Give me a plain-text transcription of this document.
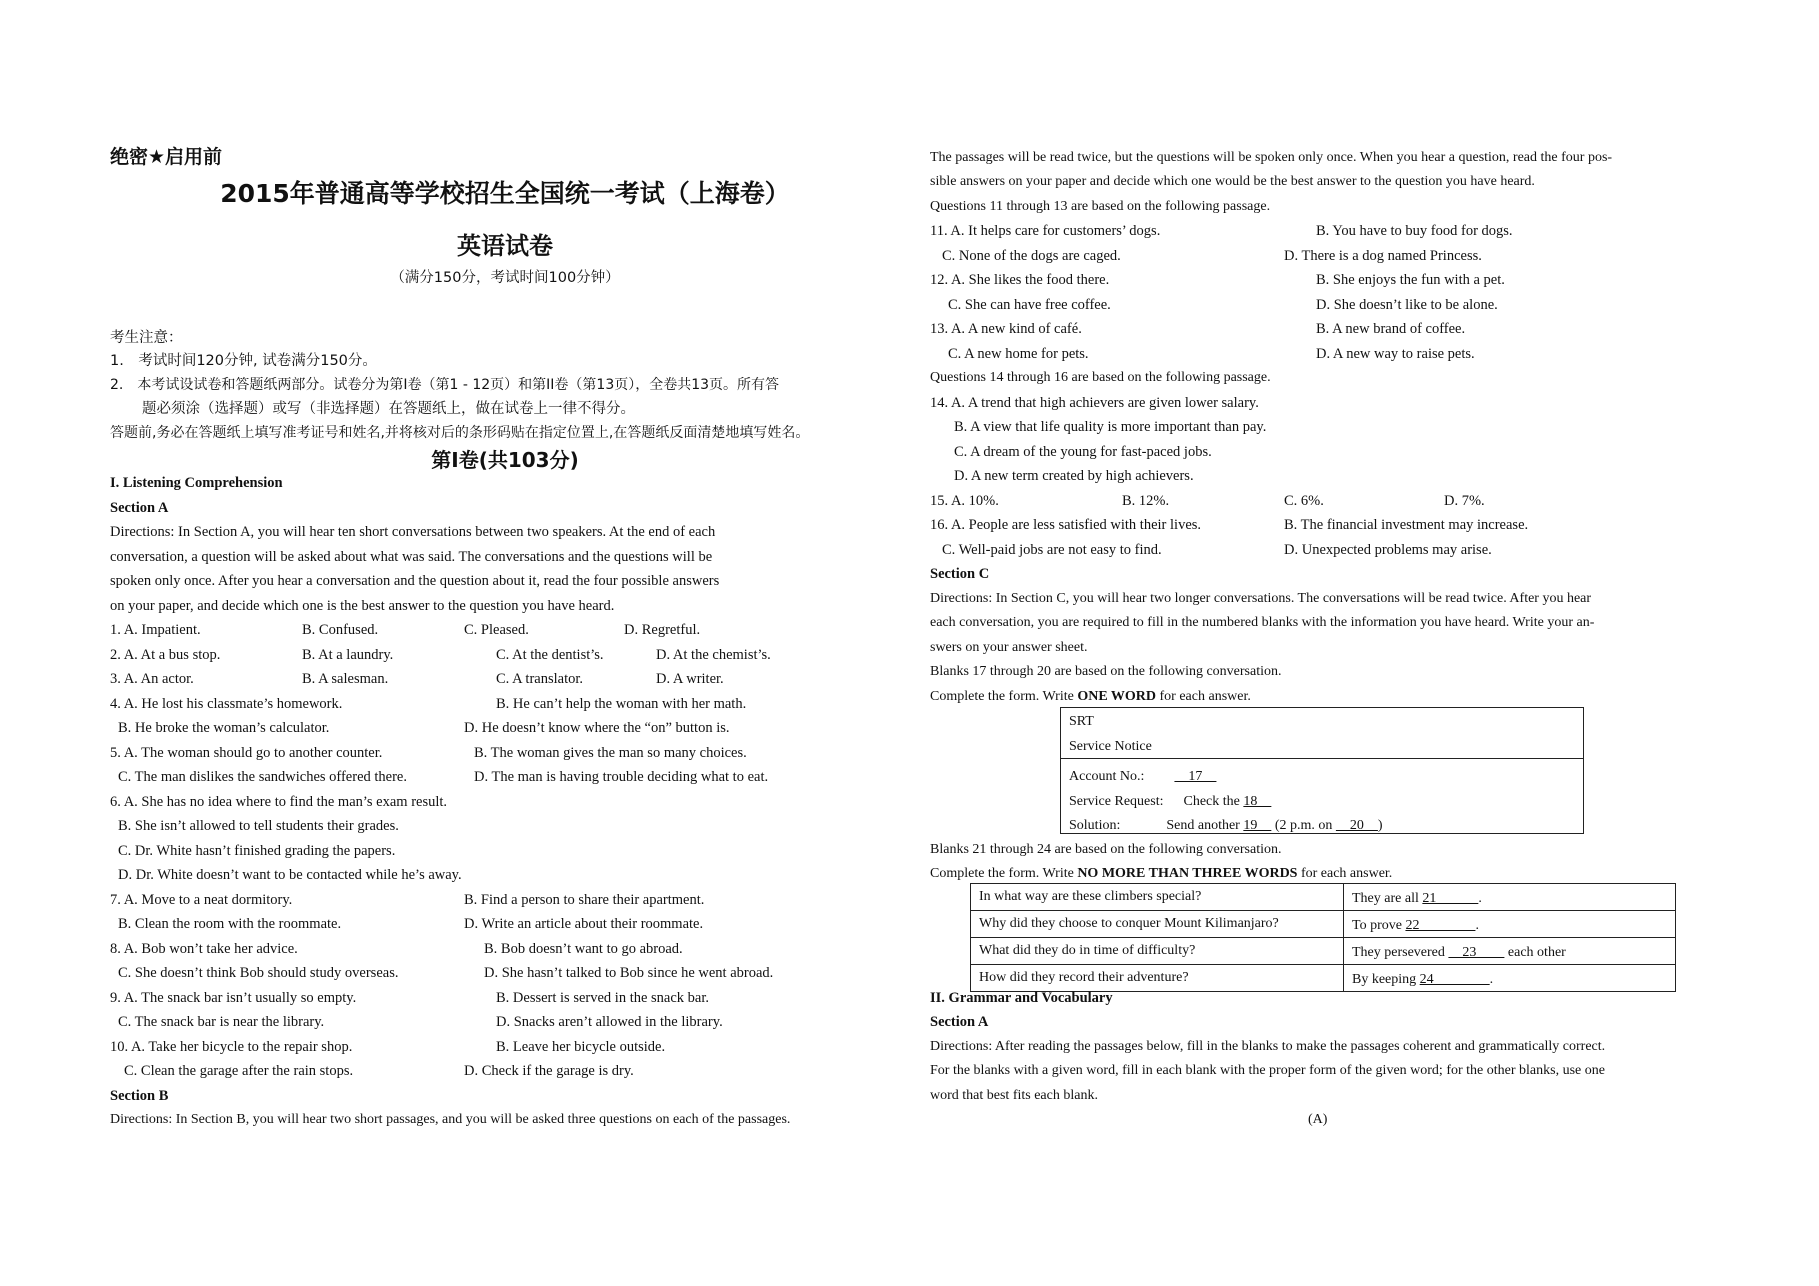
绝密★启用前
2015年普通高等学校招生全国统一考试（上海卷）
英语试卷
（满分150分，考试时间100分钟）
考生注意：
1.　考试时间120分钟, 试卷满分150分。
2.　本考试设试卷和答题纸两部分。试卷分为第I卷（第1 - 12页）和第II卷（第13页），全卷共13页。所有答
题必须涂（选择题）或写（非选择题）在答题纸上，做在试卷上一律不得分。
答题前,务必在答题纸上填写准考证号和姓名,并将核对后的条形码贴在指定位置上,在答题纸反面清楚地填写姓名。
第I卷(共103分)
I. Listening Comprehension
Section A
Directions: In Section A, you will hear ten short conversations between two speakers. At the end of each
conversation, a question will be asked about what was said. The conversations and the questions will be
spoken only once. After you hear a conversation and the question about it, read the four possible answers
on your paper, and decide which one is the best answer to the question you have heard.
1. A. Impatient.	B. Confused.	C. Pleased.	D. Regretful.
2. A. At a bus stop.	B. At a laundry.	C. At the dentist’s.	D. At the chemist’s.
3. A. An actor.	B. A salesman.	C. A translator.	D. A writer.
4. A. He lost his classmate’s homework.	B. He can’t help the woman with her math.
B. He broke the woman’s calculator.	D. He doesn’t know where the “on” button is.
5. A. The woman should go to another counter.	B. The woman gives the man so many choices.
C. The man dislikes the sandwiches offered there.	D. The man is having trouble deciding what to eat.
6. A. She has no idea where to find the man’s exam result.
B. She isn’t allowed to tell students their grades.
C. Dr. White hasn’t finished grading the papers.
D. Dr. White doesn’t want to be contacted while he’s away.
7. A. Move to a neat dormitory.	B. Find a person to share their apartment.
B. Clean the room with the roommate.	D. Write an article about their roommate.
8. A. Bob won’t take her advice.	B. Bob doesn’t want to go abroad.
C. She doesn’t think Bob should study overseas.	D. She hasn’t talked to Bob since he went abroad.
9. A. The snack bar isn’t usually so empty.	B. Dessert is served in the snack bar.
C. The snack bar is near the library.	D. Snacks aren’t allowed in the library.
10. A. Take her bicycle to the repair shop.	B. Leave her bicycle outside.
C. Clean the garage after the rain stops.	D. Check if the garage is dry.
Section B
Directions: In Section B, you will hear two short passages, and you will be asked three questions on each of the passages.
The passages will be read twice, but the questions will be spoken only once. When you hear a question, read the four pos-
sible answers on your paper and decide which one would be the best answer to the question you have heard.
Questions 11 through 13 are based on the following passage.
11. A. It helps care for customers’ dogs.	B. You have to buy food for dogs.
C. None of the dogs are caged.	D. There is a dog named Princess.
12. A. She likes the food there.	B. She enjoys the fun with a pet.
C. She can have free coffee.	D. She doesn’t like to be alone.
13. A. A new kind of café.	B. A new brand of coffee.
C. A new home for pets.	D. A new way to raise pets.
Questions 14 through 16 are based on the following passage.
14. A. A trend that high achievers are given lower salary.
B. A view that life quality is more important than pay.
C. A dream of the young for fast-paced jobs.
D. A new term created by high achievers.
15. A. 10%.	B. 12%.	C. 6%.	D. 7%.
16. A. People are less satisfied with their lives.	B. The financial investment may increase.
C. Well-paid jobs are not easy to find.	D. Unexpected problems may arise.
Section C
Directions: In Section C, you will hear two longer conversations. The conversations will be read twice. After you hear
each conversation, you are required to fill in the numbered blanks with the information you have heard. Write your an-
swers on your answer sheet.
Blanks 17 through 20 are based on the following conversation.
Complete the form. Write ONE WORD for each answer.
SRT
Service Notice
Account No.:　17　
Service Request: Check the 18　
Solution:	Send another 19　 (2 p.m. on 　20　)
Blanks 21 through 24 are based on the following conversation.
Complete the form. Write NO MORE THAN THREE WORDS for each answer.
In what way are these climbers special?	They are all 21　　　.
Why did they choose to conquer Mount Kilimanjaro?	To prove 22　　　　.
What did they do in time of difficulty?	They persevered 　23　　 each other
How did they record their adventure?	By keeping 24　　　　.
II. Grammar and Vocabulary
Section A
Directions: After reading the passages below, fill in the blanks to make the passages coherent and grammatically correct.
For the blanks with a given word, fill in each blank with the proper form of the given word; for the other blanks, use one
word that best fits each blank.
(A)
